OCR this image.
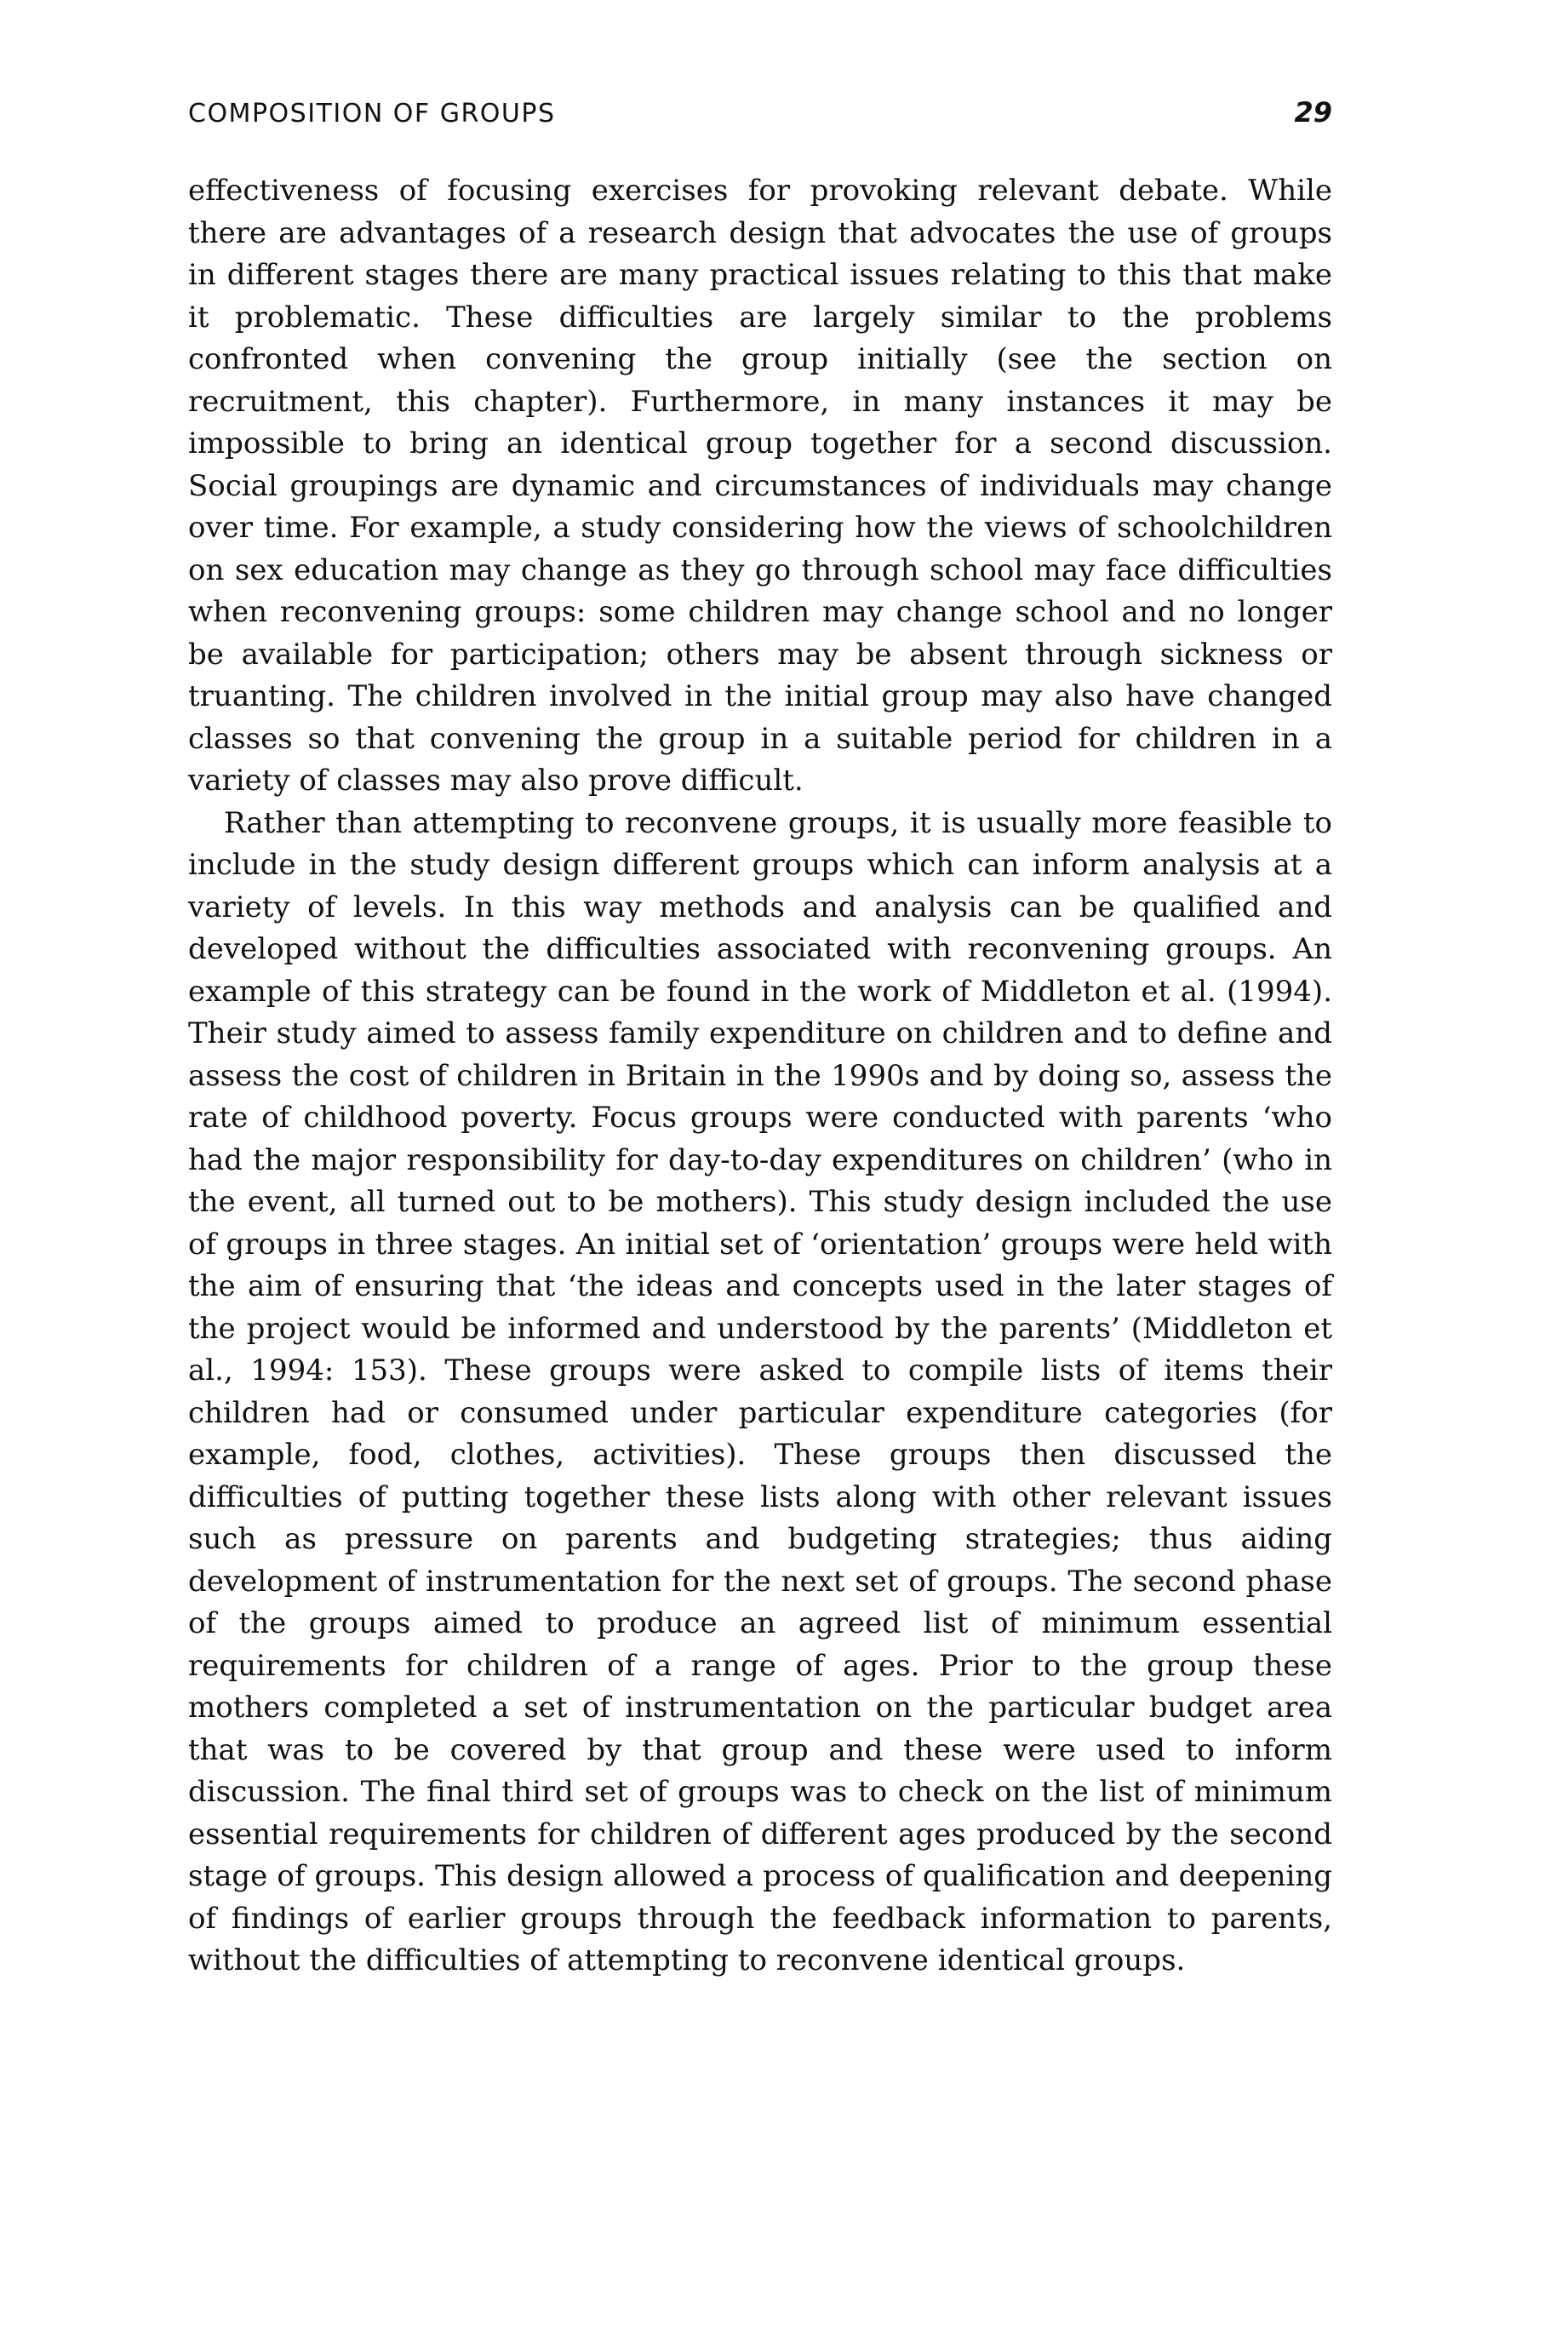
COMPOSITION OF GROUPS	29

effectiveness of focusing exercises for provoking relevant debate. While there are advantages of a research design that advocates the use of groups in different stages there are many practical issues relating to this that make it problematic. These difficulties are largely similar to the problems confronted when convening the group initially (see the section on recruitment, this chapter). Furthermore, in many instances it may be impossible to bring an identical group together for a second discussion. Social groupings are dynamic and circumstances of individuals may change over time. For example, a study considering how the views of schoolchildren on sex education may change as they go through school may face difficulties when reconvening groups: some children may change school and no longer be available for participation; others may be absent through sickness or truanting. The children involved in the initial group may also have changed classes so that convening the group in a suitable period for children in a variety of classes may also prove difficult.

Rather than attempting to reconvene groups, it is usually more feasible to include in the study design different groups which can inform analysis at a variety of levels. In this way methods and analysis can be qualified and developed without the difficulties associated with reconvening groups. An example of this strategy can be found in the work of Middleton et al. (1994). Their study aimed to assess family expenditure on children and to define and assess the cost of children in Britain in the 1990s and by doing so, assess the rate of childhood poverty. Focus groups were conducted with parents ‘who had the major responsibility for day-to-day expenditures on children’ (who in the event, all turned out to be mothers). This study design included the use of groups in three stages. An initial set of ‘orientation’ groups were held with the aim of ensuring that ‘the ideas and concepts used in the later stages of the project would be informed and understood by the parents’ (Middleton et al., 1994: 153). These groups were asked to compile lists of items their children had or consumed under particular expenditure categories (for example, food, clothes, activities). These groups then discussed the difficulties of putting together these lists along with other relevant issues such as pressure on parents and budgeting strategies; thus aiding development of instrumentation for the next set of groups. The second phase of the groups aimed to produce an agreed list of minimum essential requirements for children of a range of ages. Prior to the group these mothers completed a set of instrumentation on the particular budget area that was to be covered by that group and these were used to inform discussion. The final third set of groups was to check on the list of minimum essential requirements for children of different ages produced by the second stage of groups. This design allowed a process of qualification and deepening of findings of earlier groups through the feedback information to parents, without the difficulties of attempting to reconvene identical groups.
